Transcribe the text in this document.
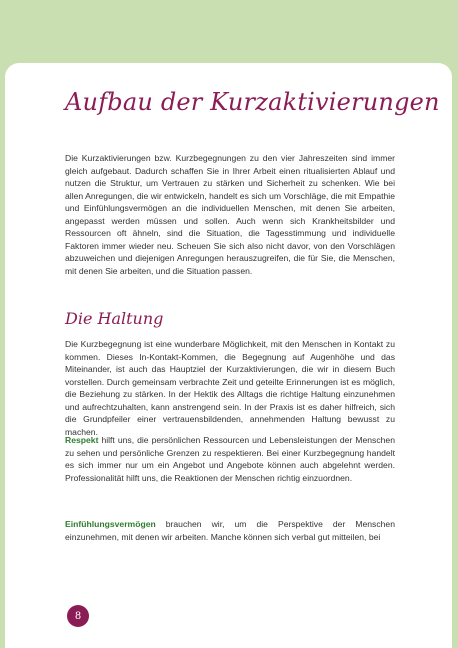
Aufbau der Kurzaktivierungen

Die Kurzaktivierungen bzw. Kurzbegegnungen zu den vier Jahreszeiten sind immer gleich aufgebaut. Dadurch schaffen Sie in Ihrer Arbeit einen ritualisierten Ablauf und nutzen die Struktur, um Vertrauen zu stärken und Sicherheit zu schenken. Wie bei allen Anregungen, die wir entwickeln, handelt es sich um Vorschläge, die mit Empathie und Einfühlungsvermögen an die individuellen Menschen, mit denen Sie arbeiten, angepasst werden müssen und sollen. Auch wenn sich Krankheitsbilder und Ressourcen oft ähneln, sind die Situation, die Tagesstimmung und individuelle Faktoren immer wieder neu. Scheuen Sie sich also nicht davor, von den Vorschlägen abzuweichen und diejenigen Anregungen herauszugreifen, die für Sie, die Menschen, mit denen Sie arbeiten, und die Situation passen.

Die Haltung

Die Kurzbegegnung ist eine wunderbare Möglichkeit, mit den Menschen in Kontakt zu kommen. Dieses In-Kontakt-Kommen, die Begegnung auf Augenhöhe und das Miteinander, ist auch das Hauptziel der Kurzaktivierungen, die wir in diesem Buch vorstellen. Durch gemeinsam verbrachte Zeit und geteilte Erinnerungen ist es möglich, die Beziehung zu stärken. In der Hektik des Alltags die richtige Haltung einzunehmen und aufrechtzuhalten, kann anstrengend sein. In der Praxis ist es daher hilfreich, sich die Grundpfeiler einer vertrauensbildenden, annehmenden Haltung bewusst zu machen.

Respekt hilft uns, die persönlichen Ressourcen und Lebensleistungen der Menschen zu sehen und persönliche Grenzen zu respektieren. Bei einer Kurzbegegnung handelt es sich immer nur um ein Angebot und Angebote können auch abgelehnt werden. Professionalität hilft uns, die Reaktionen der Menschen richtig einzuordnen.

Einfühlungsvermögen brauchen wir, um die Perspektive der Menschen einzunehmen, mit denen wir arbeiten. Manche können sich verbal gut mitteilen, bei

8
